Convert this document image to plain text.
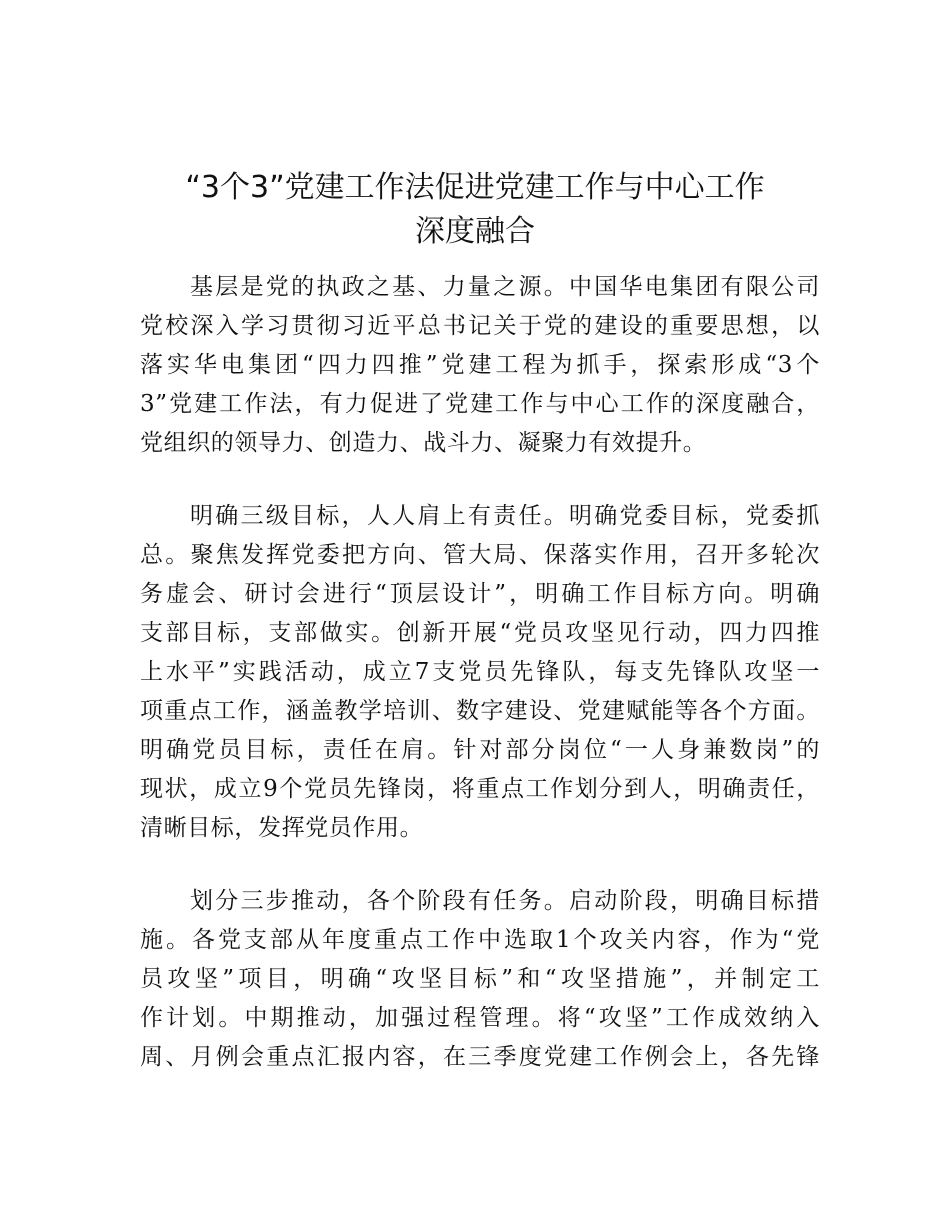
“3个3”党建工作法促进党建工作与中心工作
深度融合
基层是党的执政之基、力量之源。中国华电集团有限公司
党校深入学习贯彻习近平总书记关于党的建设的重要思想，以
落实华电集团“四力四推”党建工程为抓手，探索形成“3个
3”党建工作法，有力促进了党建工作与中心工作的深度融合，
党组织的领导力、创造力、战斗力、凝聚力有效提升。
明确三级目标，人人肩上有责任。明确党委目标，党委抓
总。聚焦发挥党委把方向、管大局、保落实作用，召开多轮次
务虚会、研讨会进行“顶层设计”，明确工作目标方向。明确
支部目标，支部做实。创新开展“党员攻坚见行动，四力四推
上水平”实践活动，成立7支党员先锋队，每支先锋队攻坚一
项重点工作，涵盖教学培训、数字建设、党建赋能等各个方面。
明确党员目标，责任在肩。针对部分岗位“一人身兼数岗”的
现状，成立9个党员先锋岗，将重点工作划分到人，明确责任，
清晰目标，发挥党员作用。
划分三步推动，各个阶段有任务。启动阶段，明确目标措
施。各党支部从年度重点工作中选取1个攻关内容，作为“党
员攻坚”项目，明确“攻坚目标”和“攻坚措施”，并制定工
作计划。中期推动，加强过程管理。将“攻坚”工作成效纳入
周、月例会重点汇报内容，在三季度党建工作例会上，各先锋
